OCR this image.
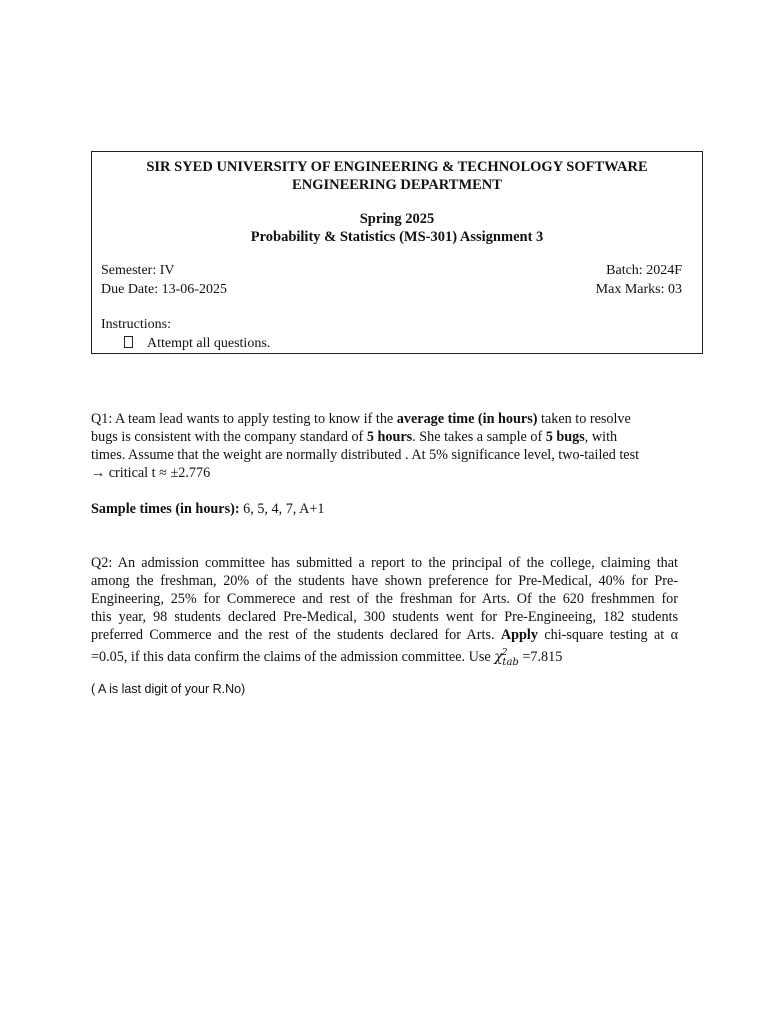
SIR SYED UNIVERSITY OF ENGINEERING & TECHNOLOGY SOFTWARE
ENGINEERING DEPARTMENT
Spring 2025
Probability & Statistics (MS-301) Assignment 3
Semester: IV	Batch: 2024F
Due Date: 13-06-2025	Max Marks: 03
Instructions:
Attempt all questions.
Q1: A team lead wants to apply testing to know if the average time (in hours) taken to resolve
bugs is consistent with the company standard of 5 hours. She takes a sample of 5 bugs, with
times. Assume that the weight are normally distributed . At 5% significance level, two-tailed test
→ critical t ≈ ±2.776
Sample times (in hours): 6, 5, 4, 7, A+1
Q2: An admission committee has submitted a report to the principal of the college, claiming that
among the freshman, 20% of the students have shown preference for Pre-Medical, 40% for Pre-
Engineering, 25% for Commerece and rest of the freshman for Arts. Of the 620 freshmmen for
this year, 98 students declared Pre-Medical, 300 students went for Pre-Engineeing, 182 students
preferred Commerce and the rest of the students declared for Arts. Apply chi-square testing at α
=0.05, if this data confirm the claims of the admission committee. Use $\chi^2_{tab} =7.815$
( A is last digit of your R.No)
